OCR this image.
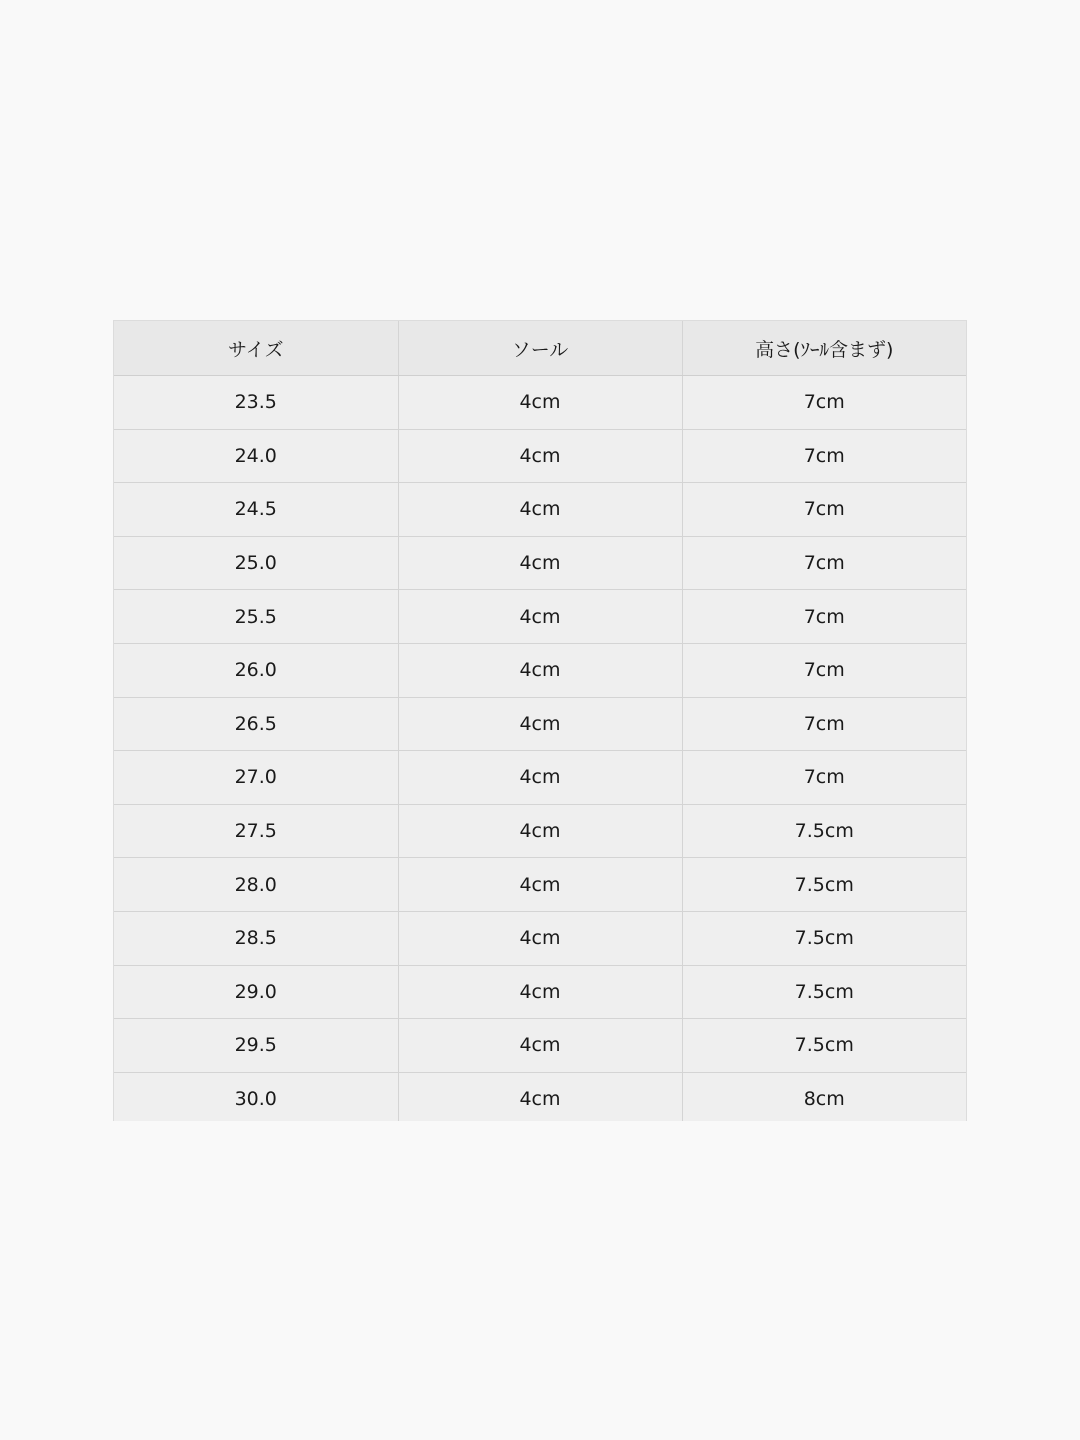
サイズ	ソール	高さ(ｿｰﾙ含まず)
23.5	4cm	7cm
24.0	4cm	7cm
24.5	4cm	7cm
25.0	4cm	7cm
25.5	4cm	7cm
26.0	4cm	7cm
26.5	4cm	7cm
27.0	4cm	7cm
27.5	4cm	7.5cm
28.0	4cm	7.5cm
28.5	4cm	7.5cm
29.0	4cm	7.5cm
29.5	4cm	7.5cm
30.0	4cm	8cm
